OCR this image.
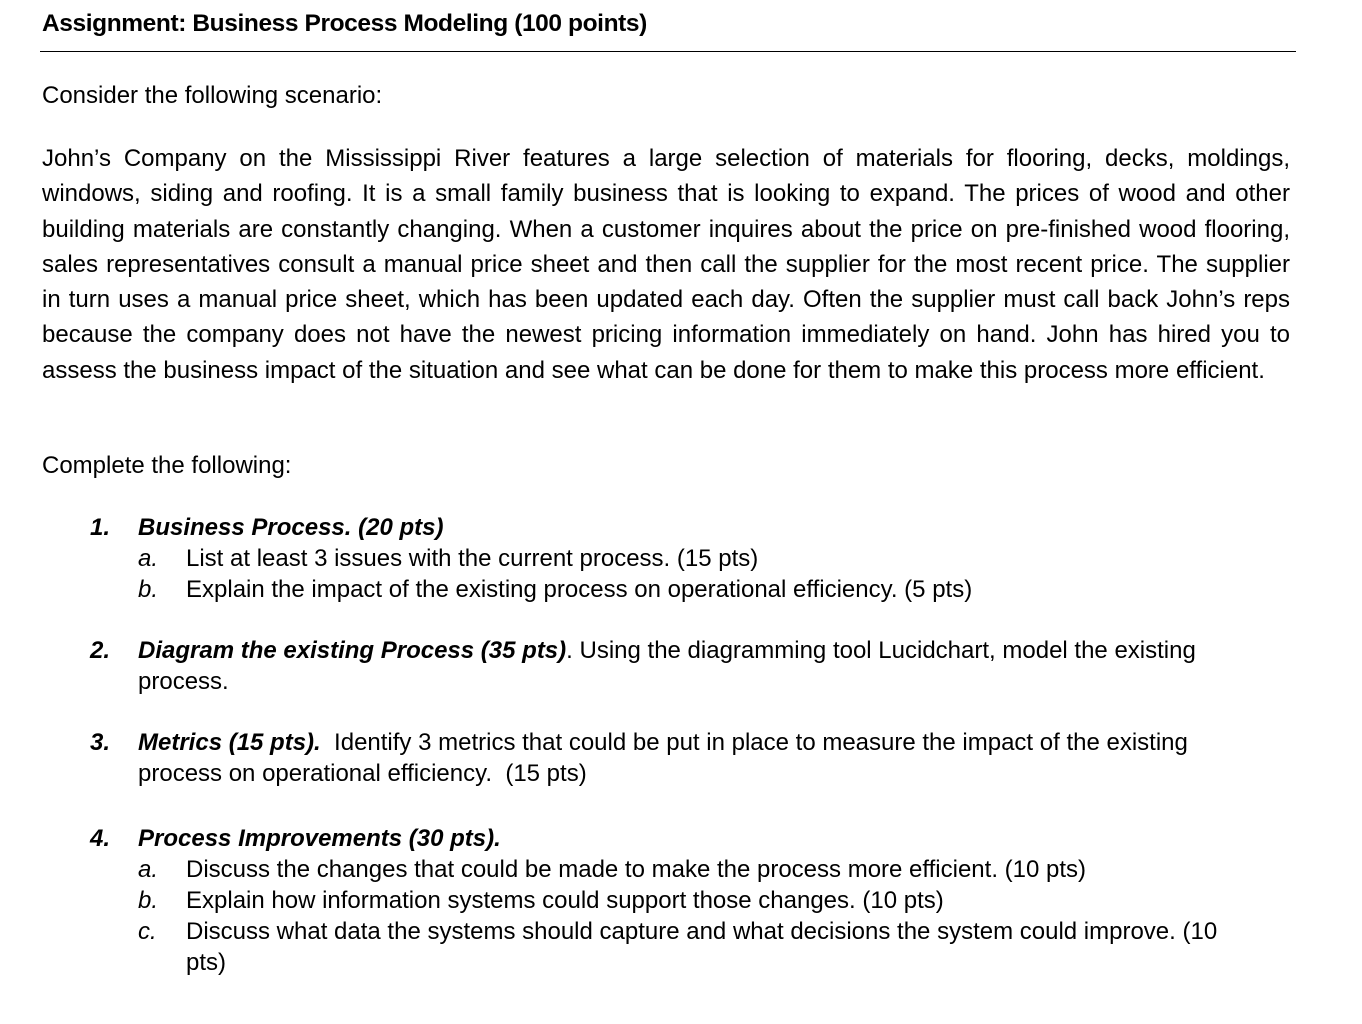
Assignment: Business Process Modeling (100 points)
Consider the following scenario:

John’s Company on the Mississippi River features a large selection of materials for flooring, decks, moldings, windows, siding and roofing. It is a small family business that is looking to expand. The prices of wood and other building materials are constantly changing. When a customer inquires about the price on pre-finished wood flooring, sales representatives consult a manual price sheet and then call the supplier for the most recent price. The supplier in turn uses a manual price sheet, which has been updated each day. Often the supplier must call back John’s reps because the company does not have the newest pricing information immediately on hand. John has hired you to assess the business impact of the situation and see what can be done for them to make this process more efficient.

Complete the following:
1. Business Process. (20 pts)
a. List at least 3 issues with the current process. (15 pts)
b. Explain the impact of the existing process on operational efficiency. (5 pts)
2. Diagram the existing Process (35 pts). Using the diagramming tool Lucidchart, model the existing process.
3. Metrics (15 pts).  Identify 3 metrics that could be put in place to measure the impact of the existing process on operational efficiency.  (15 pts)
4. Process Improvements (30 pts).
a. Discuss the changes that could be made to make the process more efficient. (10 pts)
b. Explain how information systems could support those changes. (10 pts)
c. Discuss what data the systems should capture and what decisions the system could improve. (10 pts)
